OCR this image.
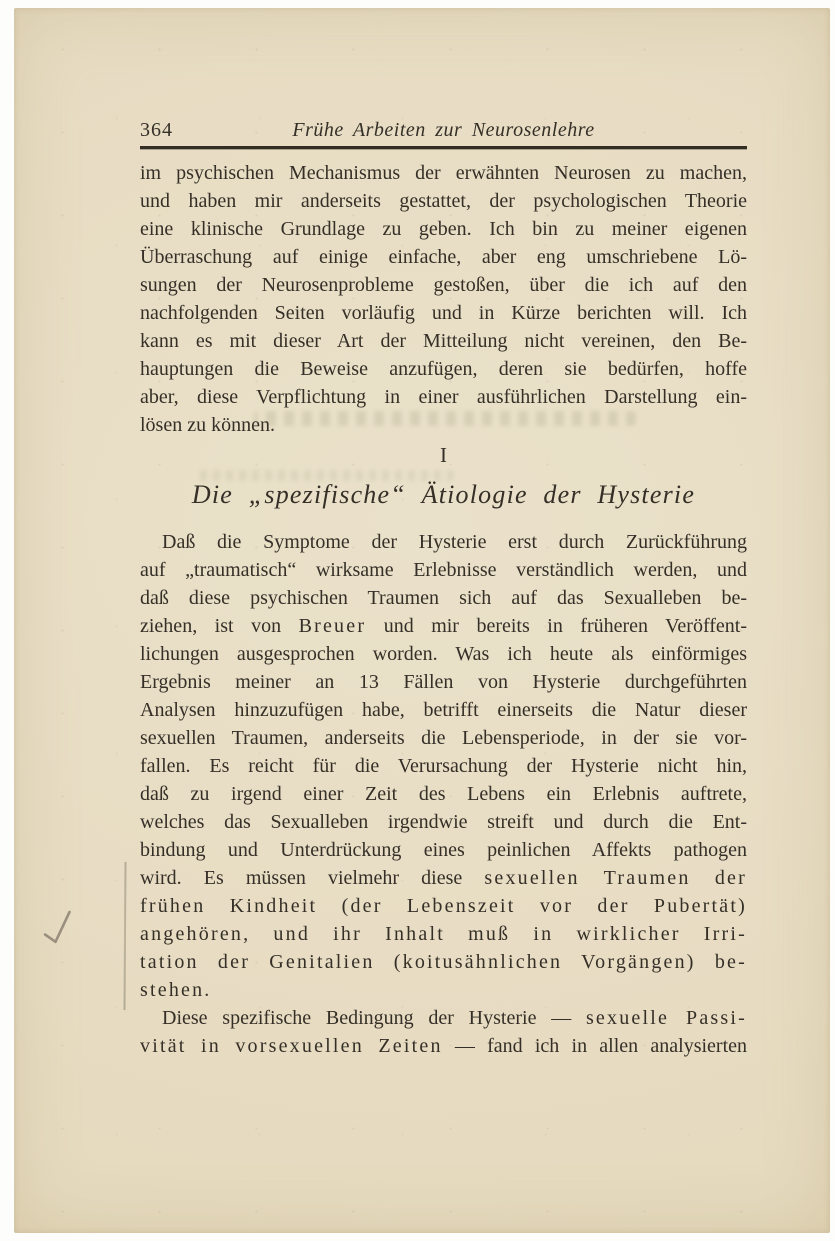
364	Frühe Arbeiten zur Neurosenlehre
im psychischen Mechanismus der erwähnten Neurosen zu machen,
und haben mir anderseits gestattet, der psychologischen Theorie
eine klinische Grundlage zu geben. Ich bin zu meiner eigenen
Überraschung auf einige einfache, aber eng umschriebene Lö-
sungen der Neurosenprobleme gestoßen, über die ich auf den
nachfolgenden Seiten vorläufig und in Kürze berichten will. Ich
kann es mit dieser Art der Mitteilung nicht vereinen, den Be-
hauptungen die Beweise anzufügen, deren sie bedürfen, hoffe
aber, diese Verpflichtung in einer ausführlichen Darstellung ein-
lösen zu können.
I
Die „spezifische“ Ätiologie der Hysterie
Daß die Symptome der Hysterie erst durch Zurückführung
auf „traumatisch“ wirksame Erlebnisse verständlich werden, und
daß diese psychischen Traumen sich auf das Sexualleben be-
ziehen, ist von Breuer und mir bereits in früheren Veröffent-
lichungen ausgesprochen worden. Was ich heute als einförmiges
Ergebnis meiner an 13 Fällen von Hysterie durchgeführten
Analysen hinzuzufügen habe, betrifft einerseits die Natur dieser
sexuellen Traumen, anderseits die Lebensperiode, in der sie vor-
fallen. Es reicht für die Verursachung der Hysterie nicht hin,
daß zu irgend einer Zeit des Lebens ein Erlebnis auftrete,
welches das Sexualleben irgendwie streift und durch die Ent-
bindung und Unterdrückung eines peinlichen Affekts pathogen
wird. Es müssen vielmehr diese sexuellen Traumen der
frühen Kindheit (der Lebenszeit vor der Pubertät)
angehören, und ihr Inhalt muß in wirklicher Irri-
tation der Genitalien (koitusähnlichen Vorgängen) be-
stehen.
Diese spezifische Bedingung der Hysterie — sexuelle Passi-
vität in vorsexuellen Zeiten — fand ich in allen analysierten
